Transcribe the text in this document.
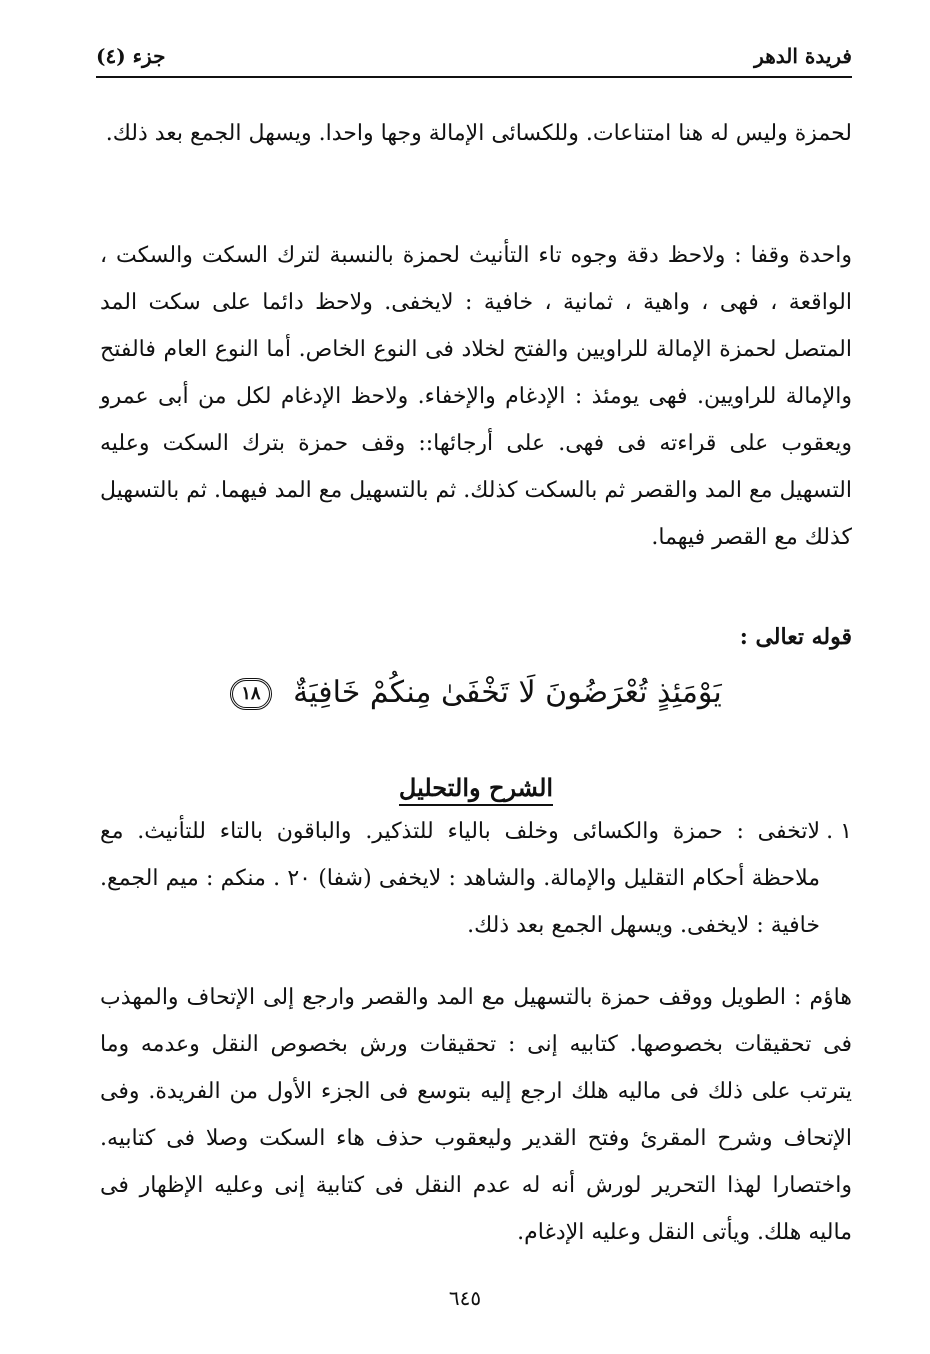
فريدة الدهر
جزء (٤)

لحمزة وليس له هنا امتناعات. وللكسائى الإمالة وجها واحدا. ويسهل الجمع بعد ذلك.

واحدة وقفا : ولاحظ دقة وجوه تاء التأنيث لحمزة بالنسبة لترك السكت والسكت ، الواقعة ، فهى ، واهية ، ثمانية ، خافية : لايخفى. ولاحظ دائما على سكت المد المتصل لحمزة الإمالة للراويين والفتح لخلاد فى النوع الخاص. أما النوع العام فالفتح والإمالة للراويين. فهى يومئذ : الإدغام والإخفاء. ولاحظ الإدغام لكل من أبى عمرو ويعقوب على قراءته فى فهى. على أرجائها:: وقف حمزة بترك السكت وعليه التسهيل مع المد والقصر ثم بالسكت كذلك. ثم بالتسهيل مع المد فيهما. ثم بالتسهيل كذلك مع القصر فيهما.

قوله تعالى :
يَوْمَئِذٍ تُعْرَضُونَ لَا تَخْفَىٰ مِنكُمْ خَافِيَةٌ ١٨
الشرح والتحليل
١ .
لاتخفى : حمزة والكسائى وخلف بالياء للتذكير. والباقون بالتاء للتأنيث. مع ملاحظة أحكام التقليل والإمالة. والشاهد : لايخفى (شفا) ٢٠ . منكم : ميم الجمع. خافية : لايخفى. ويسهل الجمع بعد ذلك.

هاؤم : الطويل ووقف حمزة بالتسهيل مع المد والقصر وارجع إلى الإتحاف والمهذب فى تحقيقات بخصوصها. كتابيه إنى : تحقيقات ورش بخصوص النقل وعدمه وما يترتب على ذلك فى ماليه هلك ارجع إليه بتوسع فى الجزء الأول من الفريدة. وفى الإتحاف وشرح المقرئ وفتح القدير وليعقوب حذف هاء السكت وصلا فى كتابيه. واختصارا لهذا التحرير لورش أنه له عدم النقل فى كتابية إنى وعليه الإظهار فى ماليه هلك. ويأتى النقل وعليه الإدغام.

٦٤٥
